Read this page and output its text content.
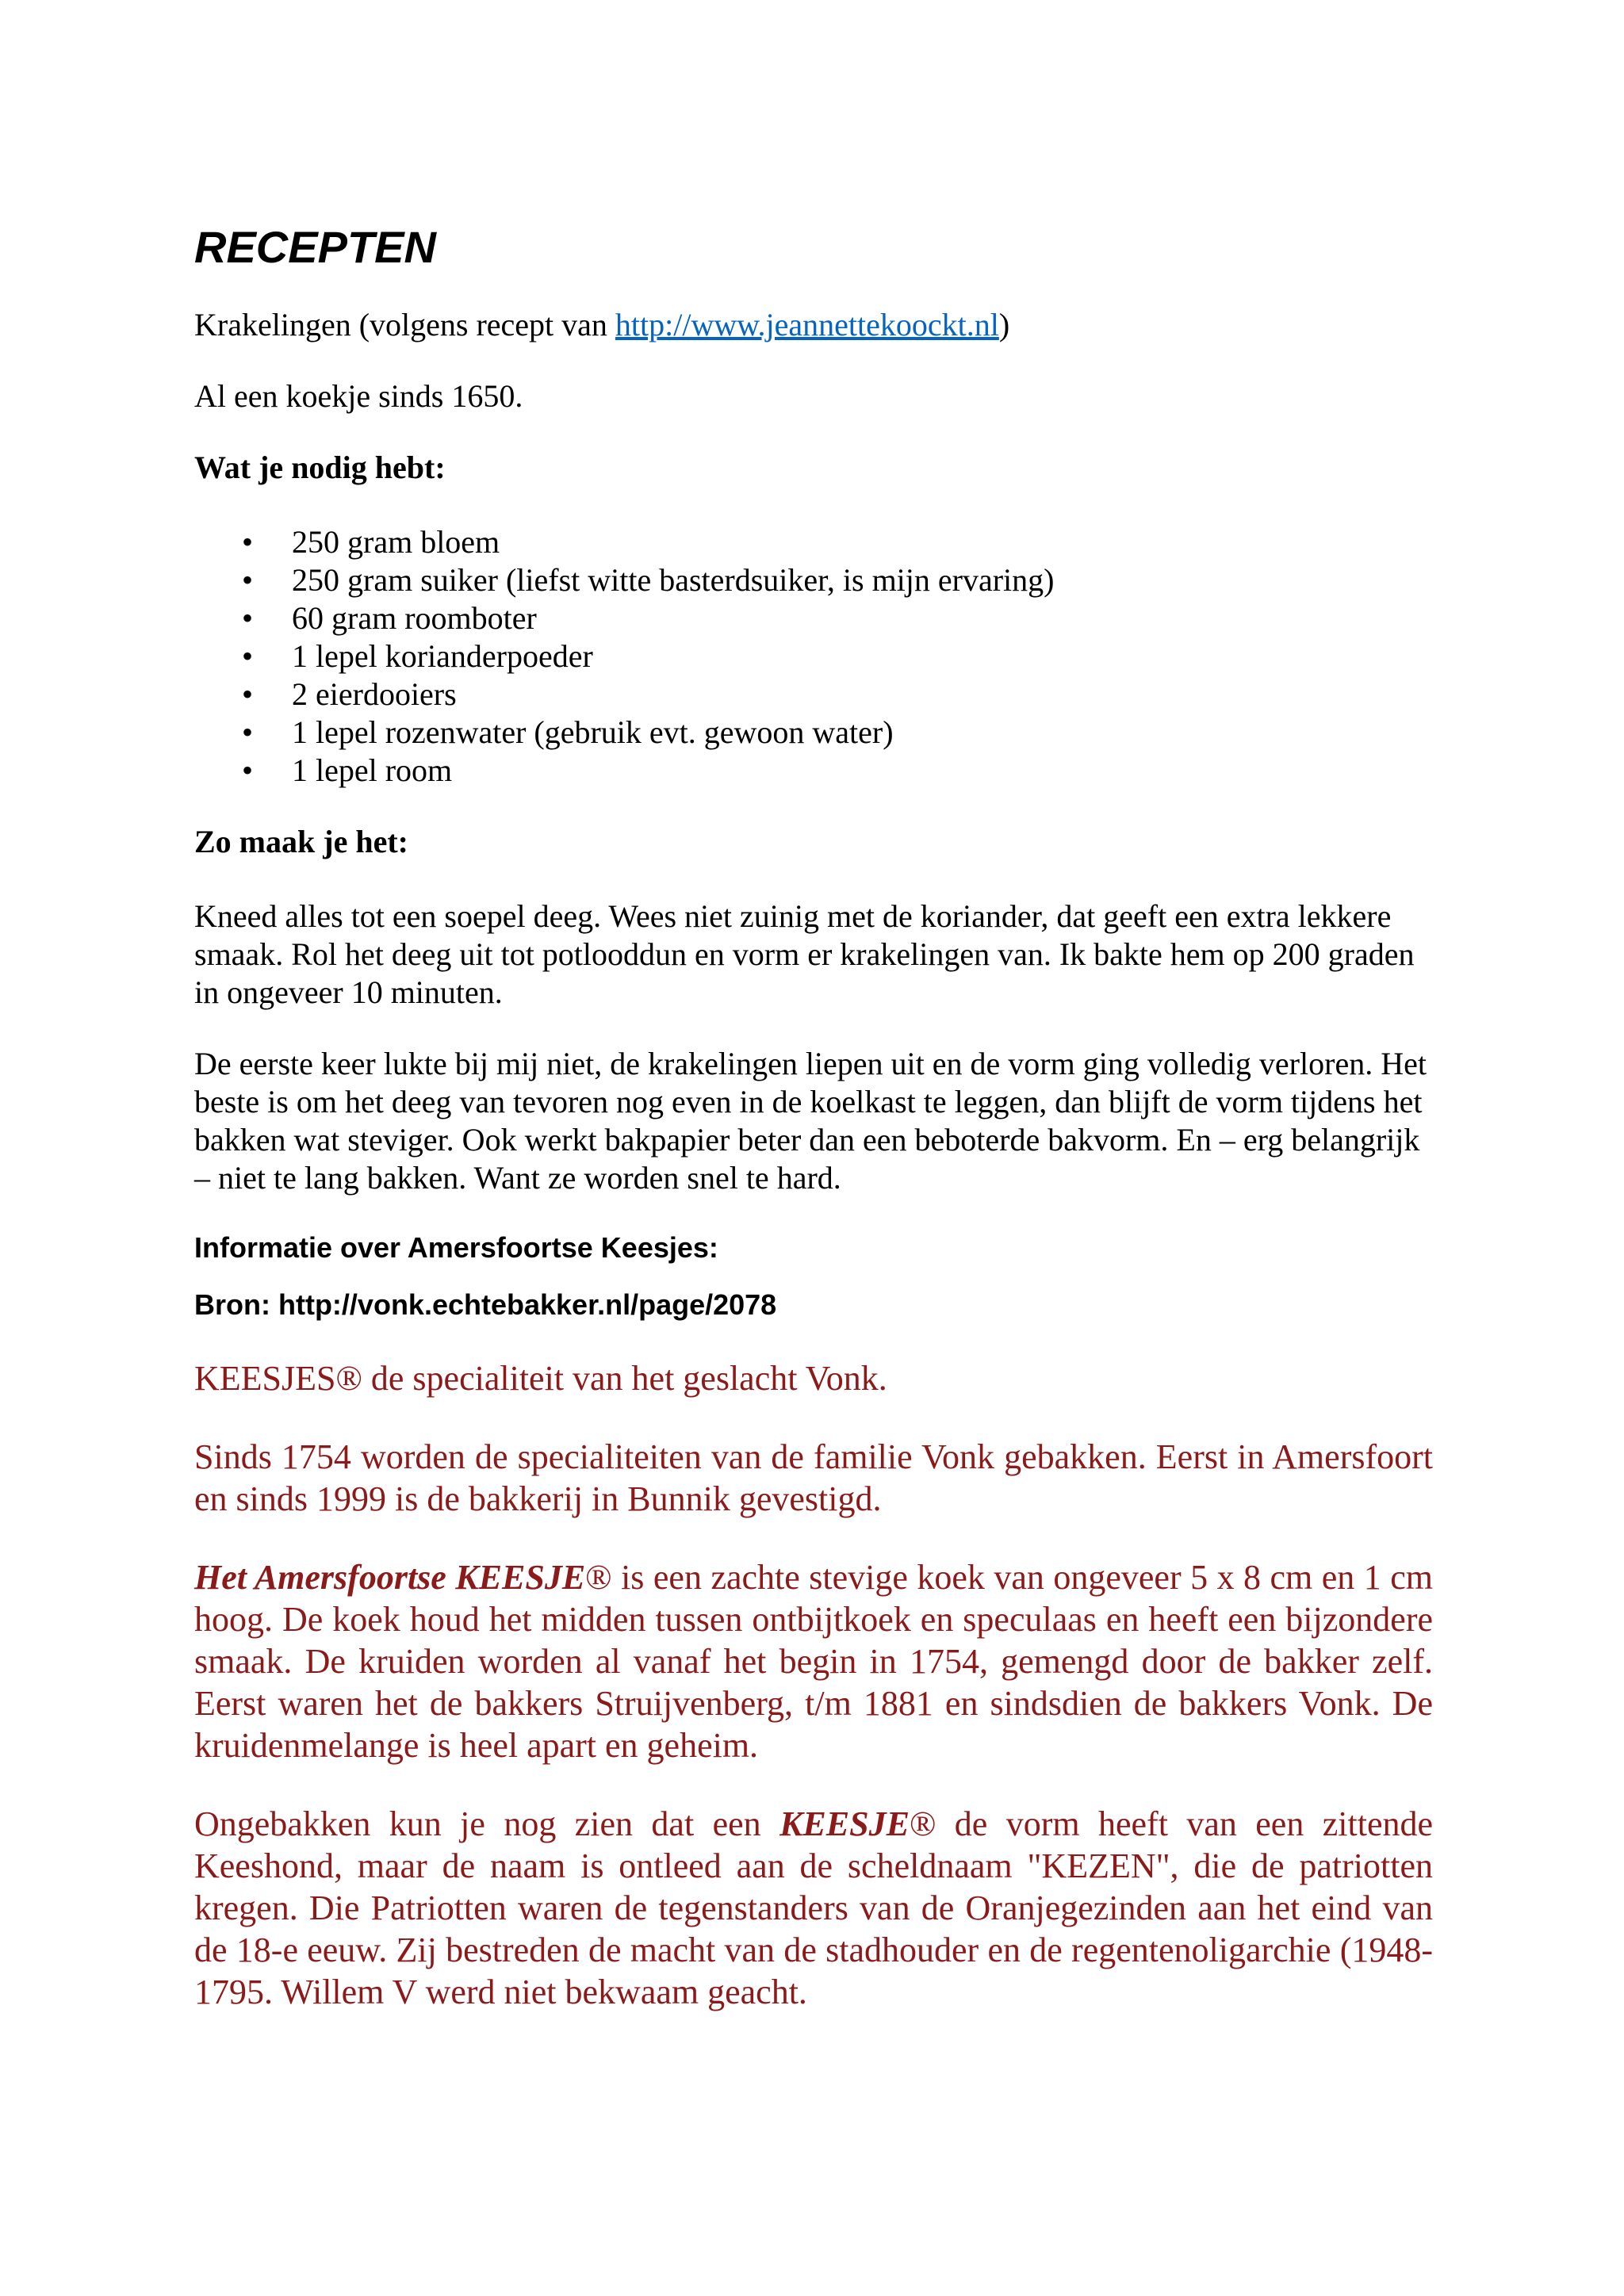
RECEPTEN

Krakelingen (volgens recept van http://www.jeannettekoockt.nl)

Al een koekje sinds 1650.

Wat je nodig hebt:

• 250 gram bloem
• 250 gram suiker (liefst witte basterdsuiker, is mijn ervaring)
• 60 gram roomboter
• 1 lepel korianderpoeder
• 2 eierdooiers
• 1 lepel rozenwater (gebruik evt. gewoon water)
• 1 lepel room

Zo maak je het:

Kneed alles tot een soepel deeg. Wees niet zuinig met de koriander, dat geeft een extra lekkere smaak. Rol het deeg uit tot potlooddun en vorm er krakelingen van. Ik bakte hem op 200 graden in ongeveer 10 minuten.

De eerste keer lukte bij mij niet, de krakelingen liepen uit en de vorm ging volledig verloren. Het beste is om het deeg van tevoren nog even in de koelkast te leggen, dan blijft de vorm tijdens het bakken wat steviger. Ook werkt bakpapier beter dan een beboterde bakvorm. En – erg belangrijk – niet te lang bakken. Want ze worden snel te hard.

Informatie over Amersfoortse Keesjes:

Bron: http://vonk.echtebakker.nl/page/2078

KEESJES® de specialiteit van het geslacht Vonk.

Sinds 1754 worden de specialiteiten van de familie Vonk gebakken. Eerst in Amersfoort en sinds 1999 is de bakkerij in Bunnik gevestigd.

Het Amersfoortse KEESJE® is een zachte stevige koek van ongeveer 5 x 8 cm en 1 cm hoog. De koek houd het midden tussen ontbijtkoek en speculaas en heeft een bijzondere smaak. De kruiden worden al vanaf het begin in 1754, gemengd door de bakker zelf. Eerst waren het de bakkers Struijvenberg, t/m 1881 en sindsdien de bakkers Vonk. De kruidenmelange is heel apart en geheim.

Ongebakken kun je nog zien dat een KEESJE® de vorm heeft van een zittende Keeshond, maar de naam is ontleed aan de scheldnaam "KEZEN", die de patriotten kregen. Die Patriotten waren de tegenstanders van de Oranjegezinden aan het eind van de 18-e eeuw. Zij bestreden de macht van de stadhouder en de regentenoligarchie (1948-1795. Willem V werd niet bekwaam geacht.
